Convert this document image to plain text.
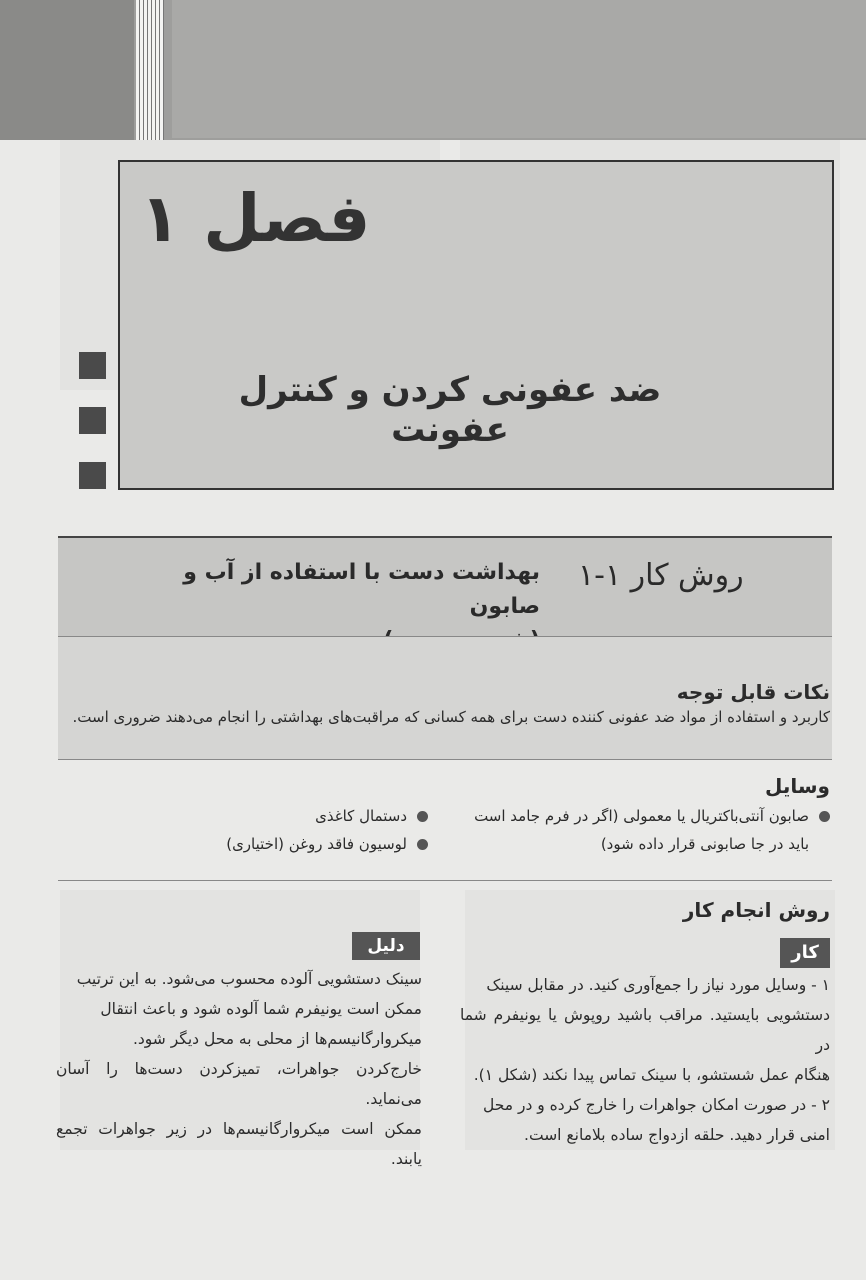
فصل ۱
ضد عفونی کردن و کنترل عفونت
روش کار ۱-۱
بهداشت دست با استفاده از آب و صابون
نکات قابل توجه
کاربرد و استفاده از مواد ضد عفونی کننده دست برای همه کسانی که مراقبت‌های بهداشتی را انجام می‌دهند ضروری است.
وسایل
صابون آنتی‌باکتریال یا معمولی (اگر در فرم جامد است
باید در جا صابونی قرار داده شود)
دستمال کاغذی
لوسیون فاقد روغن (اختیاری)
روش انجام کار
کار
دلیل
۱ - وسایل مورد نیاز را جمع‌آوری کنید. در مقابل سینک
دستشویی بایستید. مراقب باشید روپوش یا یونیفرم شما در
هنگام عمل شستشو، با سینک تماس پیدا نکند (شکل ۱).
۲ - در صورت امکان جواهرات را خارج کرده و در محل
امنی قرار دهید. حلقه ازدواج ساده بلامانع است.
سینک دستشویی آلوده محسوب می‌شود. به این ترتیب
ممکن است یونیفرم شما آلوده شود و باعث انتقال
میکروارگانیسم‌ها از محلی به محل دیگر شود.
خارج‌کردن جواهرات، تمیزکردن دست‌ها را آسان می‌نماید.
ممکن است میکروارگانیسم‌ها در زیر جواهرات تجمع یابند.
